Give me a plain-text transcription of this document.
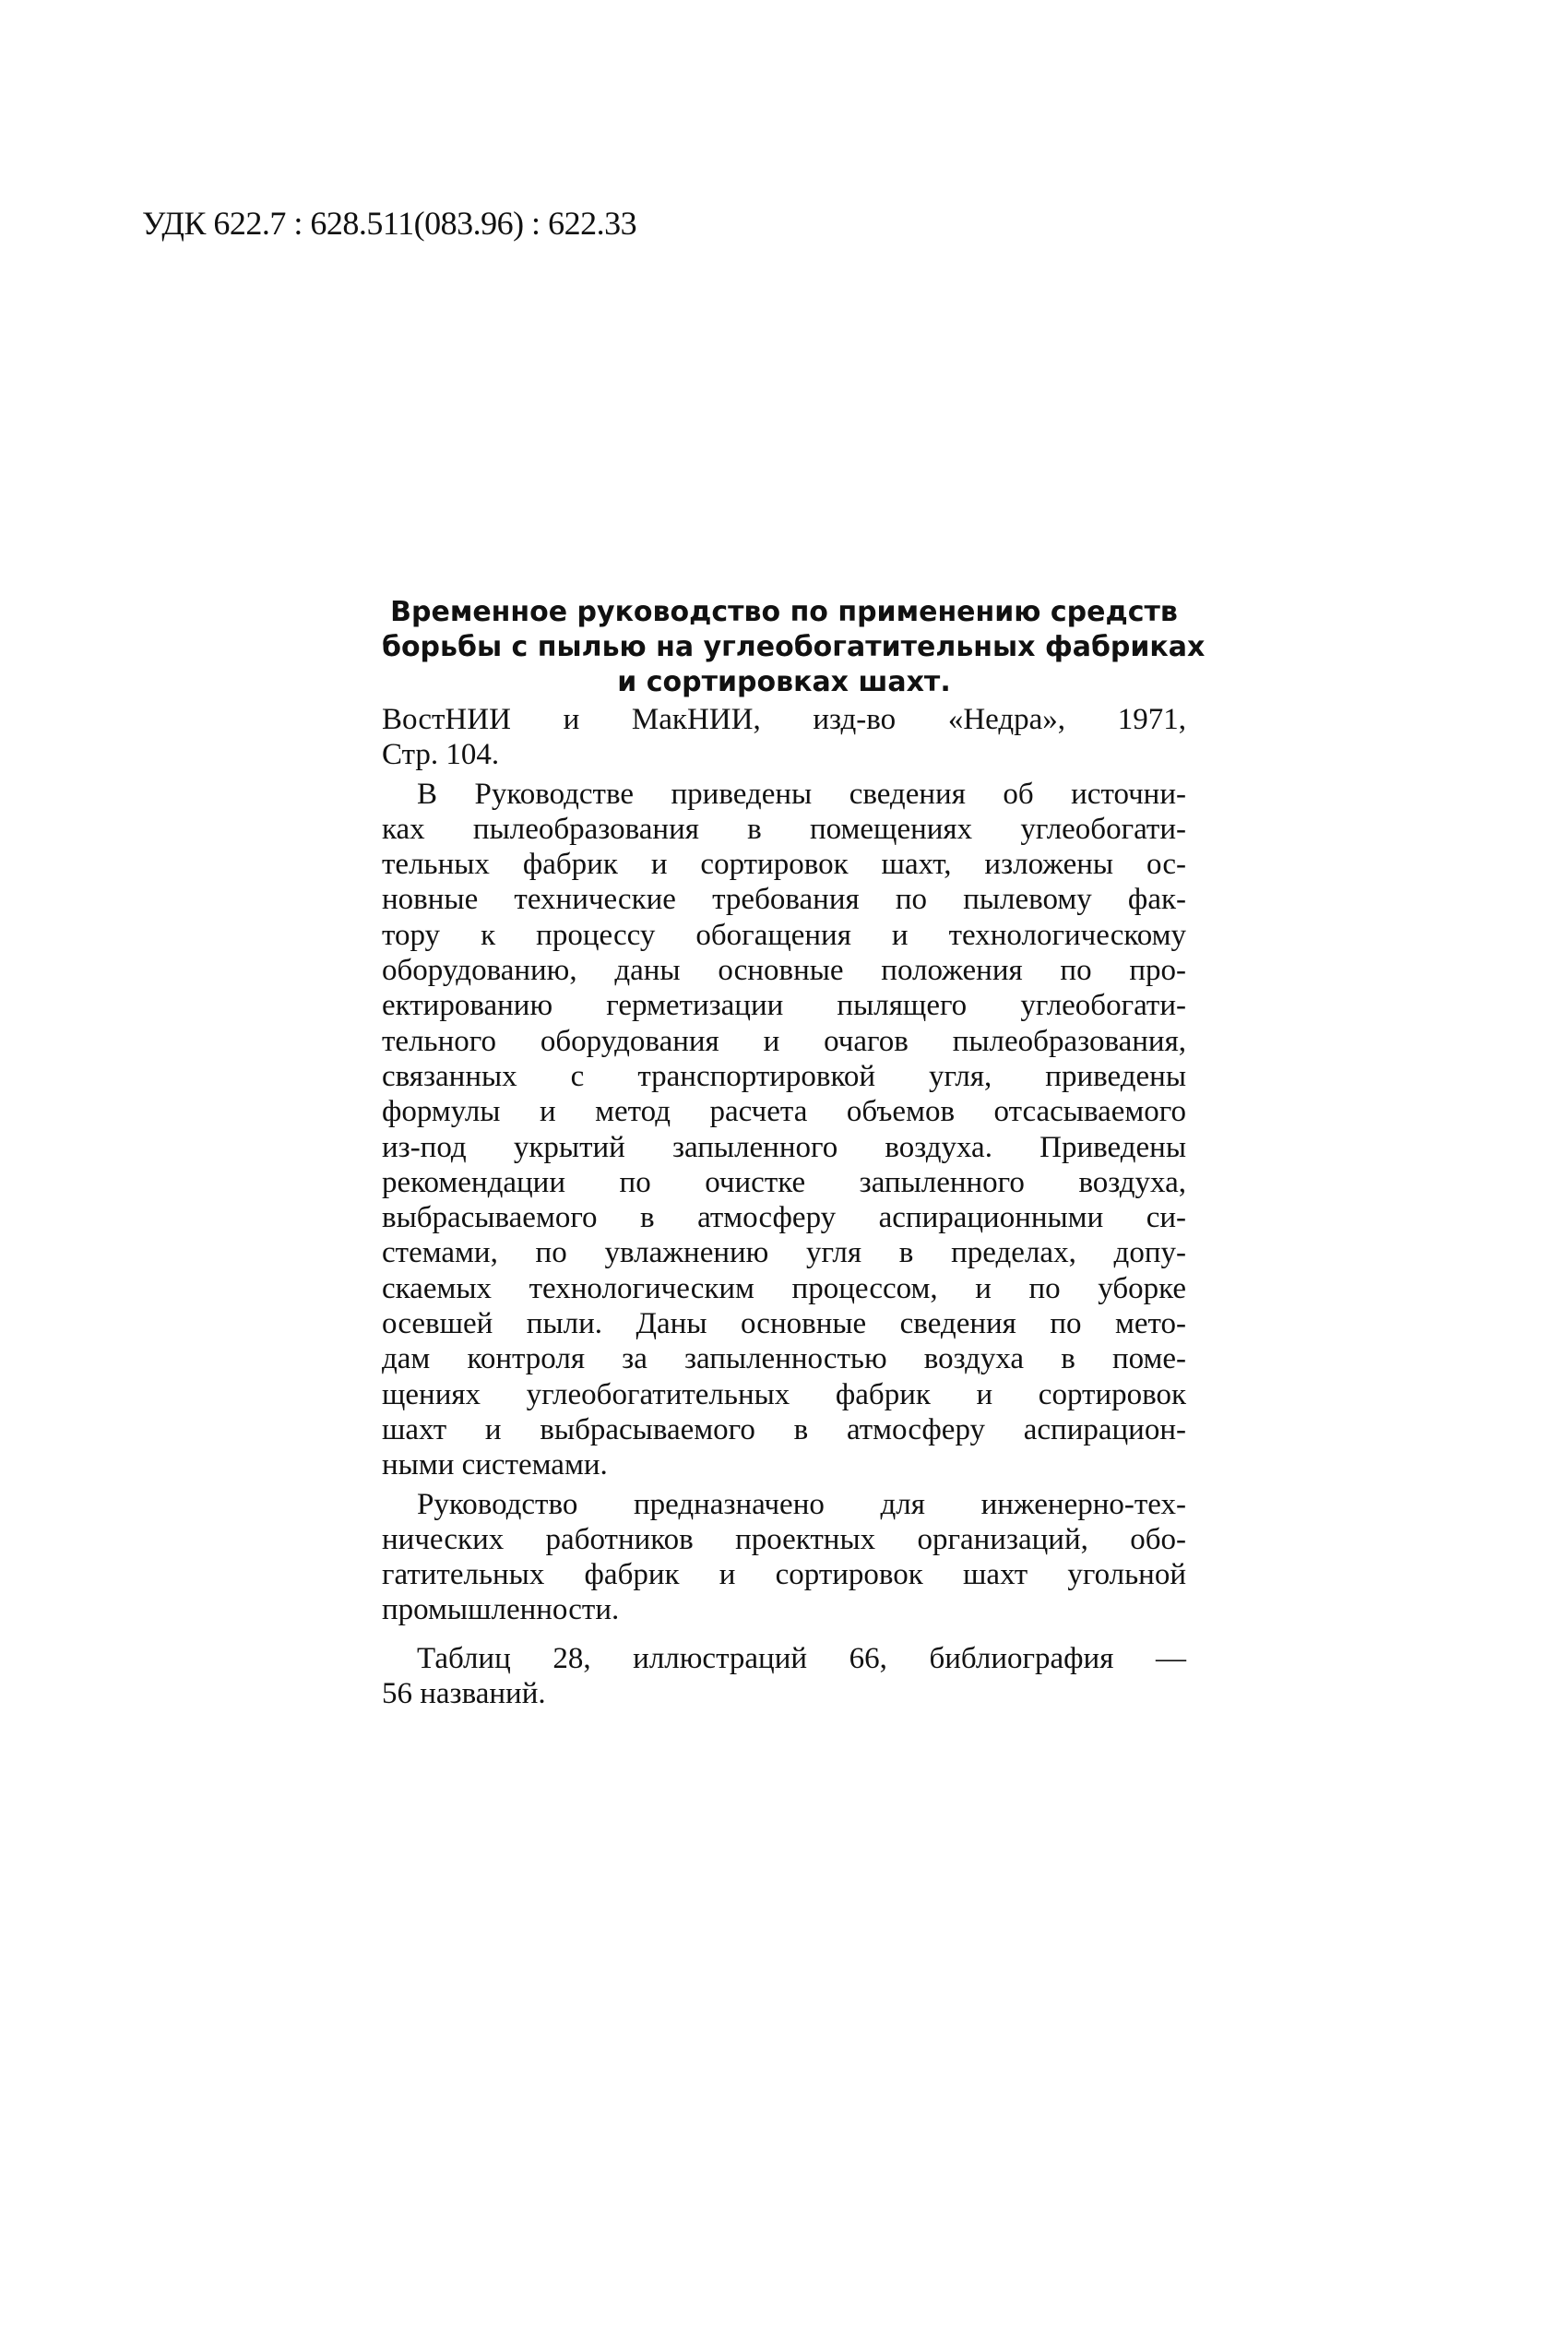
УДК 622.7 : 628.511(083.96) : 622.33

Временное руководство по применению средств
борьбы с пылью на углеобогатительных фабриках
и сортировках шахт.

ВостНИИ и МакНИИ, изд-во «Недра», 1971,
Стр. 104.

В Руководстве приведены сведения об источни-
ках пылеобразования в помещениях углеобогати-
тельных фабрик и сортировок шахт, изложены ос-
новные технические требования по пылевому фак-
тору к процессу обогащения и технологическому
оборудованию, даны основные положения по про-
ектированию герметизации пылящего углеобогати-
тельного оборудования и очагов пылеобразования,
связанных с транспортировкой угля, приведены
формулы и метод расчета объемов отсасываемого
из-под укрытий запыленного воздуха. Приведены
рекомендации по очистке запыленного воздуха,
выбрасываемого в атмосферу аспирационными си-
стемами, по увлажнению угля в пределах, допу-
скаемых технологическим процессом, и по уборке
осевшей пыли. Даны основные сведения по мето-
дам контроля за запыленностью воздуха в поме-
щениях углеобогатительных фабрик и сортировок
шахт и выбрасываемого в атмосферу аспирацион-
ными системами.
Руководство предназначено для инженерно-тех-
нических работников проектных организаций, обо-
гатительных фабрик и сортировок шахт угольной
промышленности.
Таблиц 28, иллюстраций 66, библиография —
56 названий.
